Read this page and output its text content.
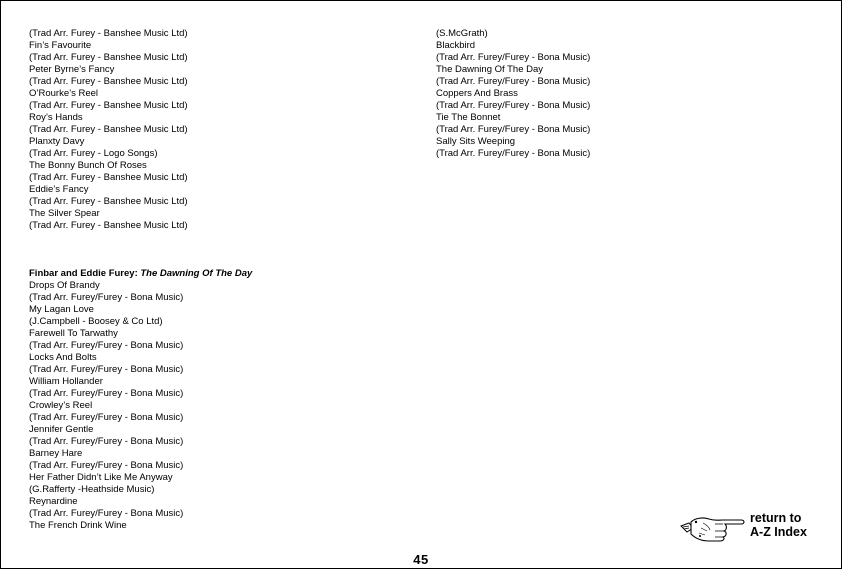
(Trad Arr. Furey - Banshee Music Ltd)
Fin’s Favourite
(Trad Arr. Furey - Banshee Music Ltd)
Peter Byrne’s Fancy
(Trad Arr. Furey - Banshee Music Ltd)
O’Rourke’s Reel
(Trad Arr. Furey - Banshee Music Ltd)
Roy’s Hands
(Trad Arr. Furey - Banshee Music Ltd)
Planxty Davy
(Trad Arr. Furey - Logo Songs)
The Bonny Bunch Of Roses
(Trad Arr. Furey - Banshee Music Ltd)
Eddie’s Fancy
(Trad Arr. Furey - Banshee Music Ltd)
The Silver Spear
(Trad Arr. Furey - Banshee Music Ltd)
Finbar and Eddie Furey: The Dawning Of The Day
Drops Of Brandy
(Trad Arr. Furey/Furey - Bona Music)
My Lagan Love
(J.Campbell - Boosey & Co Ltd)
Farewell To Tarwathy
(Trad Arr. Furey/Furey - Bona Music)
Locks And Bolts
(Trad Arr. Furey/Furey - Bona Music)
William Hollander
(Trad Arr. Furey/Furey - Bona Music)
Crowley’s Reel
(Trad Arr. Furey/Furey - Bona Music)
Jennifer Gentle
(Trad Arr. Furey/Furey - Bona Music)
Barney Hare
(Trad Arr. Furey/Furey - Bona Music)
Her Father Didn’t Like Me Anyway
(G.Rafferty -Heathside Music)
Reynardine
(Trad Arr. Furey/Furey - Bona Music)
The French Drink Wine
(S.McGrath)
Blackbird
(Trad Arr. Furey/Furey - Bona Music)
The Dawning Of The Day
(Trad Arr. Furey/Furey - Bona Music)
Coppers And Brass
(Trad Arr. Furey/Furey - Bona Music)
Tie The Bonnet
(Trad Arr. Furey/Furey - Bona Music)
Sally Sits Weeping
(Trad Arr. Furey/Furey - Bona Music)
return to
A-Z Index
45
